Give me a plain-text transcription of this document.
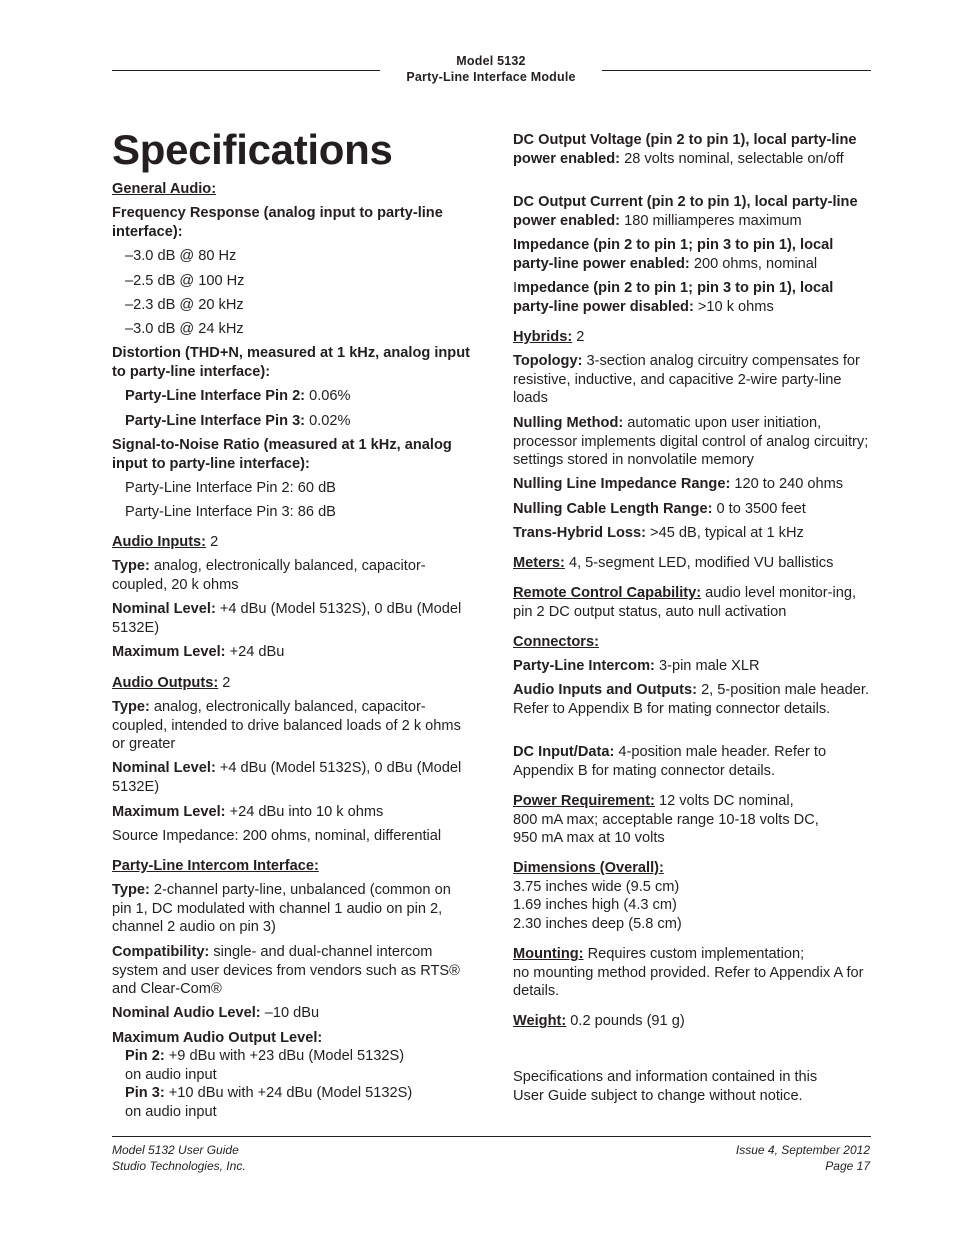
Model 5132
Party-Line Interface Module
Specifications
General Audio:
Frequency Response (analog input to party-line interface):
–3.0 dB @ 80 Hz
–2.5 dB @ 100 Hz
–2.3 dB @ 20 kHz
–3.0 dB @ 24 kHz
Distortion (THD+N, measured at 1 kHz, analog input to party-line interface):
Party-Line Interface Pin 2: 0.06%
Party-Line Interface Pin 3: 0.02%
Signal-to-Noise Ratio (measured at 1 kHz, analog input to party-line interface):
Party-Line Interface Pin 2: 60 dB
Party-Line Interface Pin 3: 86 dB
Audio Inputs: 2
Type: analog, electronically balanced, capacitor-coupled, 20 k ohms
Nominal Level: +4 dBu (Model 5132S), 0 dBu (Model 5132E)
Maximum Level: +24 dBu
Audio Outputs: 2
Type: analog, electronically balanced, capacitor-coupled, intended to drive balanced loads of 2 k ohms or greater
Nominal Level: +4 dBu (Model 5132S), 0 dBu (Model 5132E)
Maximum Level: +24 dBu into 10 k ohms
Source Impedance: 200 ohms, nominal, differential
Party-Line Intercom Interface:
Type: 2-channel party-line, unbalanced (common on pin 1, DC modulated with channel 1 audio on pin 2, channel 2 audio on pin 3)
Compatibility: single- and dual-channel intercom system and user devices from vendors such as RTS® and Clear-Com®
Nominal Audio Level: –10 dBu
Maximum Audio Output Level:
Pin 2: +9 dBu with +23 dBu (Model 5132S)
on audio input
Pin 3: +10 dBu with +24 dBu (Model 5132S)
on audio input
DC Output Voltage (pin 2 to pin 1), local party-line power enabled: 28 volts nominal, selectable on/off
DC Output Current (pin 2 to pin 1), local party-line power enabled: 180 milliamperes maximum
Impedance (pin 2 to pin 1; pin 3 to pin 1), local party-line power enabled: 200 ohms, nominal
Impedance (pin 2 to pin 1; pin 3 to pin 1), local party-line power disabled: >10 k ohms
Hybrids: 2
Topology: 3-section analog circuitry compensates for resistive, inductive, and capacitive 2-wire party-line loads
Nulling Method: automatic upon user initiation, processor implements digital control of analog circuitry; settings stored in nonvolatile memory
Nulling Line Impedance Range: 120 to 240 ohms
Nulling Cable Length Range: 0 to 3500 feet
Trans-Hybrid Loss: >45 dB, typical at 1 kHz
Meters: 4, 5-segment LED, modified VU ballistics
Remote Control Capability: audio level monitor-ing, pin 2 DC output status, auto null activation
Connectors:
Party-Line Intercom: 3-pin male XLR
Audio Inputs and Outputs: 2, 5-position male header. Refer to Appendix B for mating connector details.
DC Input/Data: 4-position male header. Refer to Appendix B for mating connector details.
Power Requirement: 12 volts DC nominal,
800 mA max; acceptable range 10-18 volts DC,
950 mA max at 10 volts
Dimensions (Overall):
3.75 inches wide (9.5 cm)
1.69 inches high (4.3 cm)
2.30 inches deep (5.8 cm)
Mounting: Requires custom implementation;
no mounting method provided. Refer to Appendix A for details.
Weight: 0.2 pounds (91 g)
Specifications and information contained in this
User Guide subject to change without notice.
Model 5132 User Guide
Studio Technologies, Inc.
Issue 4, September 2012
Page 17
